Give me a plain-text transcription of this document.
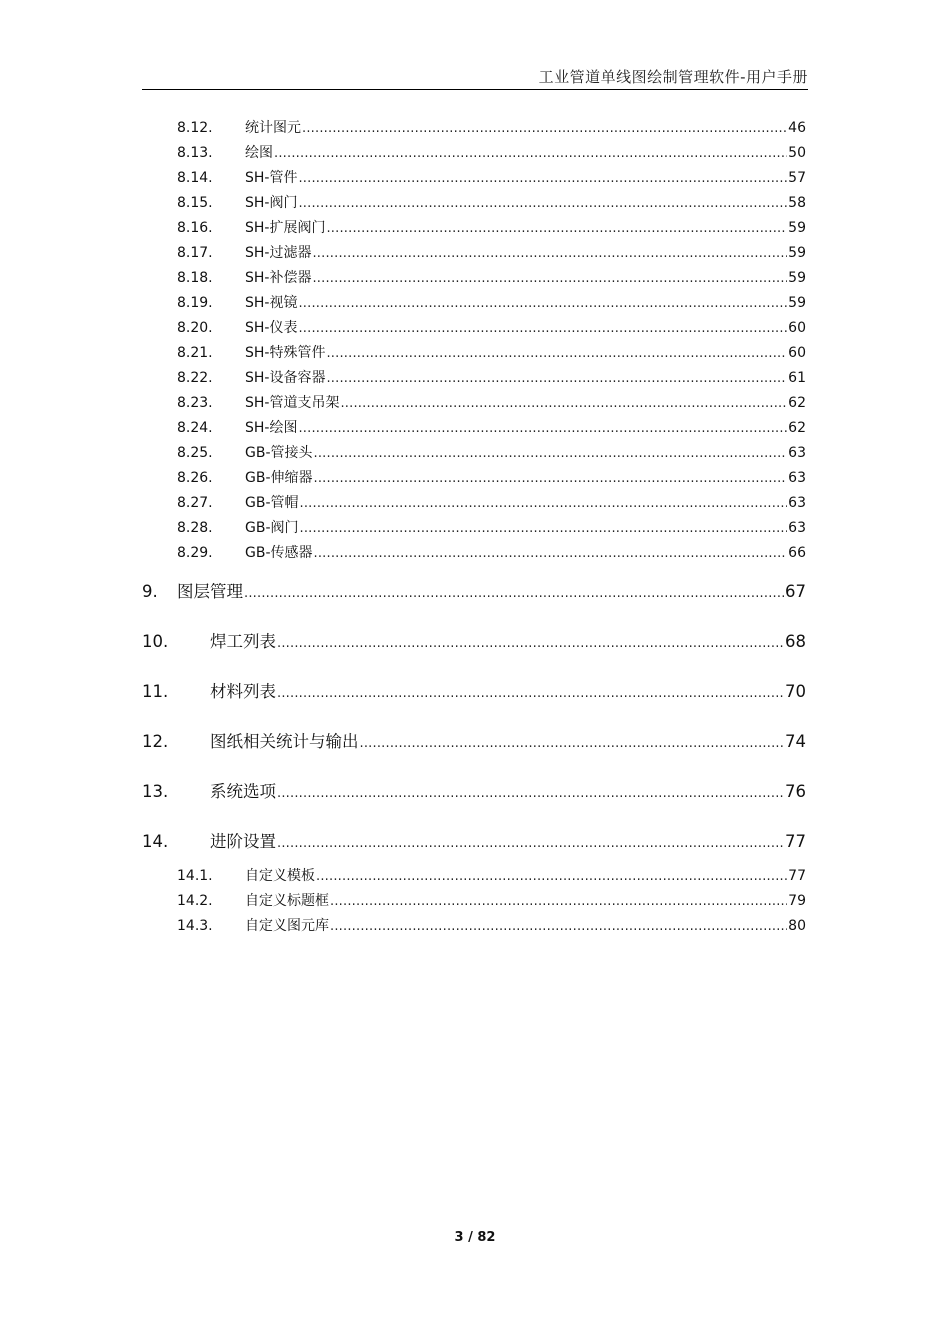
工业管道单线图绘制管理软件-用户手册
8.12.	统计图元 .....	46
8.13.	绘图 .....	50
8.14.	SH-管件 .....	57
8.15.	SH-阀门 .....	58
8.16.	SH-扩展阀门 .....	59
8.17.	SH-过滤器 .....	59
8.18.	SH-补偿器 .....	59
8.19.	SH-视镜 .....	59
8.20.	SH-仪表 .....	60
8.21.	SH-特殊管件 .....	60
8.22.	SH-设备容器 .....	61
8.23.	SH-管道支吊架 .....	62
8.24.	SH-绘图 .....	62
8.25.	GB-管接头 .....	63
8.26.	GB-伸缩器 .....	63
8.27.	GB-管帽 .....	63
8.28.	GB-阀门 .....	63
8.29.	GB-传感器 .....	66
9.	图层管理 .....	67
10.	焊工列表 .....	68
11.	材料列表 .....	70
12.	图纸相关统计与输出 .....	74
13.	系统选项 .....	76
14.	进阶设置 .....	77
14.1.	自定义模板 .....	77
14.2.	自定义标题框 .....	79
14.3.	自定义图元库 .....	80
3 / 82
